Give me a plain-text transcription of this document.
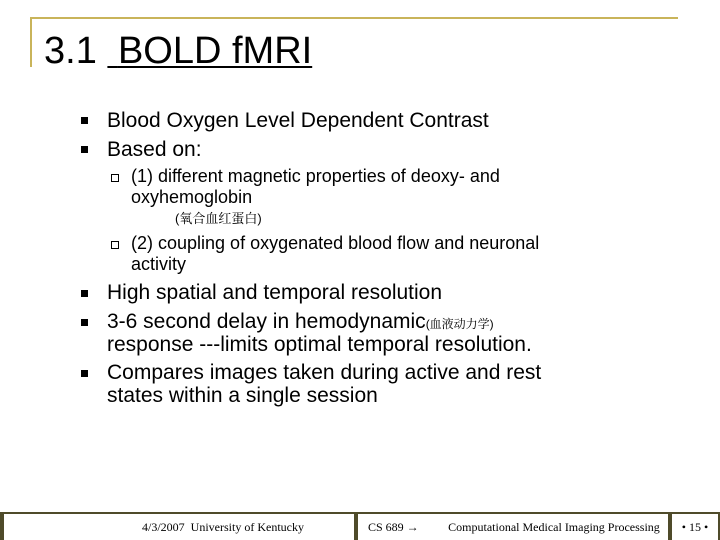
3.1 BOLD fMRI
Blood Oxygen Level Dependent Contrast
Based on:
(1) different magnetic properties of deoxy- and
oxyhemoglobin
(氧合血红蛋白)
(2) coupling of oxygenated blood flow and neuronal
activity
High spatial and temporal resolution
3-6 second delay in hemodynamic(血液动力学)
response ---limits optimal temporal resolution.
Compares images taken during active and rest
states within a single session
4/3/2007 University of Kentucky	CS 689 →	Computational Medical Imaging Processing	• 15 •
